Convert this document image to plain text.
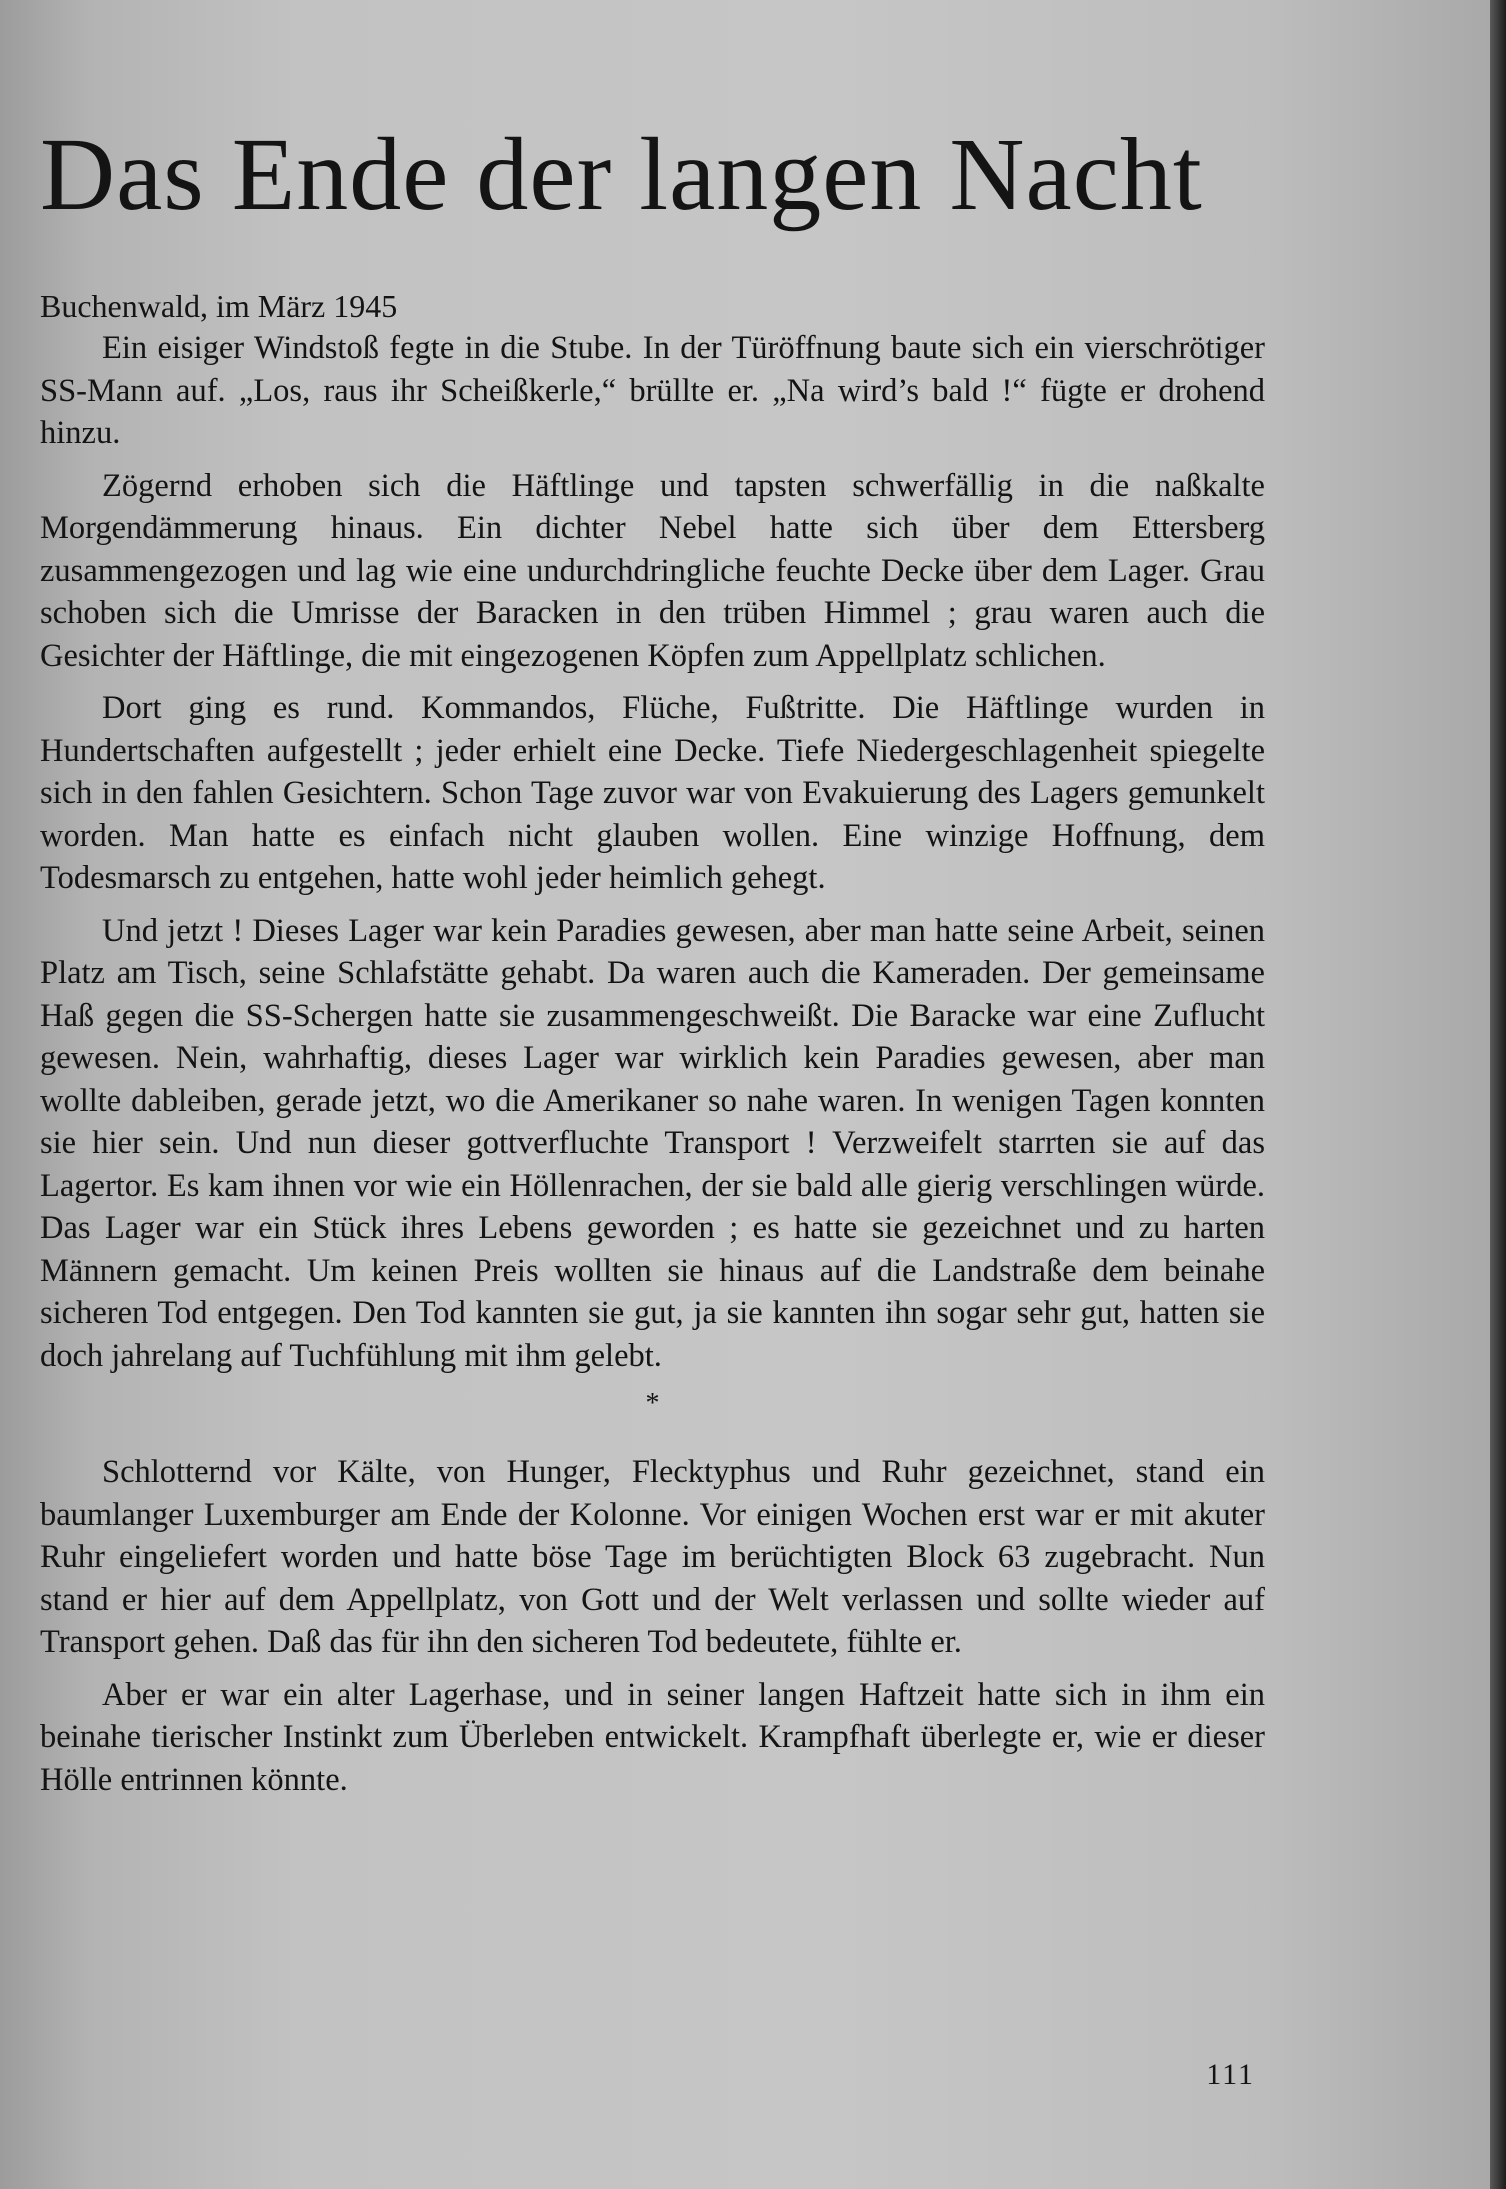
Das Ende der langen Nacht

Buchenwald, im März 1945

Ein eisiger Windstoß fegte in die Stube. In der Türöffnung baute sich ein vierschrötiger SS-Mann auf. „Los, raus ihr Scheißkerle,“ brüllte er. „Na wird’s bald !“ fügte er drohend hinzu.

Zögernd erhoben sich die Häftlinge und tapsten schwerfällig in die naßkalte Morgendämmerung hinaus. Ein dichter Nebel hatte sich über dem Ettersberg zusammengezogen und lag wie eine undurchdringliche feuchte Decke über dem Lager. Grau schoben sich die Umrisse der Baracken in den trüben Himmel ; grau waren auch die Gesichter der Häftlinge, die mit eingezogenen Köpfen zum Appellplatz schlichen.

Dort ging es rund. Kommandos, Flüche, Fußtritte. Die Häftlinge wurden in Hundertschaften aufgestellt ; jeder erhielt eine Decke. Tiefe Niedergeschlagenheit spiegelte sich in den fahlen Gesichtern. Schon Tage zuvor war von Evakuierung des Lagers gemunkelt worden. Man hatte es einfach nicht glauben wollen. Eine winzige Hoffnung, dem Todesmarsch zu entgehen, hatte wohl jeder heimlich gehegt.

Und jetzt ! Dieses Lager war kein Paradies gewesen, aber man hatte seine Arbeit, seinen Platz am Tisch, seine Schlafstätte gehabt. Da waren auch die Kameraden. Der gemeinsame Haß gegen die SS-Schergen hatte sie zusammengeschweißt. Die Baracke war eine Zuflucht gewesen. Nein, wahrhaftig, dieses Lager war wirklich kein Paradies gewesen, aber man wollte dableiben, gerade jetzt, wo die Amerikaner so nahe waren. In wenigen Tagen konnten sie hier sein. Und nun dieser gottverfluchte Transport ! Verzweifelt starrten sie auf das Lagertor. Es kam ihnen vor wie ein Höllenrachen, der sie bald alle gierig verschlingen würde. Das Lager war ein Stück ihres Lebens geworden ; es hatte sie gezeichnet und zu harten Männern gemacht. Um keinen Preis wollten sie hinaus auf die Landstraße dem beinahe sicheren Tod entgegen. Den Tod kannten sie gut, ja sie kannten ihn sogar sehr gut, hatten sie doch jahrelang auf Tuchfühlung mit ihm gelebt.

*

Schlotternd vor Kälte, von Hunger, Flecktyphus und Ruhr gezeichnet, stand ein baumlanger Luxemburger am Ende der Kolonne. Vor einigen Wochen erst war er mit akuter Ruhr eingeliefert worden und hatte böse Tage im berüchtigten Block 63 zugebracht. Nun stand er hier auf dem Appellplatz, von Gott und der Welt verlassen und sollte wieder auf Transport gehen. Daß das für ihn den sicheren Tod bedeutete, fühlte er.

Aber er war ein alter Lagerhase, und in seiner langen Haftzeit hatte sich in ihm ein beinahe tierischer Instinkt zum Überleben entwickelt. Krampfhaft überlegte er, wie er dieser Hölle entrinnen könnte.

111
